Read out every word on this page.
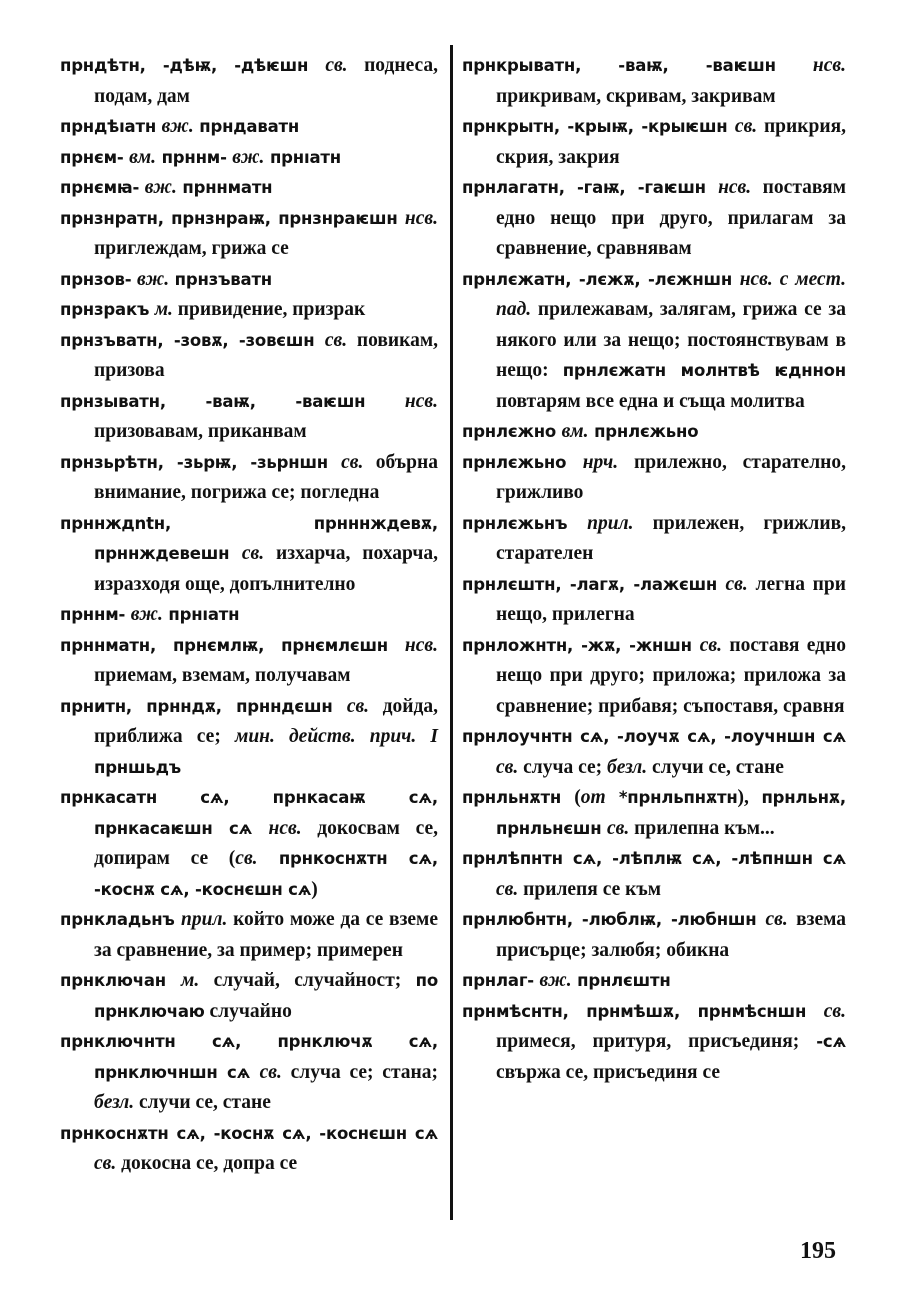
прндѣтн, -дѣѭ, -дѣѥшн св. поднеса, подам, дам

прндѣıатн вж. прндаватн

прнєм- вм. прннм- вж. прнıатн

прнємꙗ- вж. прннматн

прнзнратн, прнзнраѭ, прнзнраѥшн нсв. приглеждам, грижа се

прнзов- вж. прнзъватн

прнзракъ м. привидение, призрак

прнзъватн, -зовѫ, -зовєшн св. повикам, призова

прнзыватн, -ваѭ, -ваѥшн нсв. призовавам, приканвам

прнзьрѣтн, -зьрѭ, -зьрншн св. обърна внимание, погрижа се; погледна

прннждntн, прнннждевѫ, прннждевешн св. изхарча, похарча, изразходя още, допълнително

прннм- вж. прнıатн

прннматн, прнємлѭ, прнємлєшн нсв. приемам, вземам, получавам

прнитн, прнндѫ, прнндєшн св. дойда, приближа се; мин. действ. прич. I прншьдъ

прнкасатн сѧ, прнкасаѭ сѧ, прнкасаѥшн сѧ нсв. докосвам се, допирам се (св. прнкоснѫтн сѧ, -коснѫ сѧ, -коснєшн сѧ)

прнкладьнъ прил. който може да се вземе за сравнение, за пример; примерен

прнключан м. случай, случайност; по прнключаю случайно

прнключнтн сѧ, прнключѫ сѧ, прнключншн сѧ св. случа се; стана; безл. случи се, стане

прнкоснѫтн сѧ, -коснѫ сѧ, -коснєшн сѧ св. докосна се, допра се

прнкрыватн, -ваѭ, -ваѥшн нсв. прикривам, скривам, закривам

прнкрытн, -крыѭ, -крыѥшн св. прикрия, скрия, закрия

прнлагатн, -гаѭ, -гаѥшн нсв. поставям едно нещо при друго, прилагам за сравнение, сравнявам

прнлєжатн, -лєжѫ, -лєжншн нсв. с мест. пад. прилежавам, залягам, грижа се за някого или за нещо; постоянствувам в нещо: прнлєжатн молнтвѣ ѥдннон повтарям все една и съща молитва

прнлєжно вм. прнлєжьно

прнлєжьно нрч. прилежно, старателно, грижливо

прнлєжьнъ прил. прилежен, грижлив, старателен

прнлєштн, -лагѫ, -лажєшн св. легна при нещо, прилегна

прнложнтн, -жѫ, -жншн св. поставя едно нещо при друго; приложа; приложа за сравнение; прибавя; съпоставя, сравня

прнлоучнтн сѧ, -лоучѫ сѧ, -лоучншн сѧ св. случа се; безл. случи се, стане

прнльнѫтн (от *прнльпнѫтн), прнльнѫ, прнльнєшн св. прилепна към...

прнлѣпнтн сѧ, -лѣплѭ сѧ, -лѣпншн сѧ св. прилепя се към

прнлюбнтн, -люблѭ, -любншн св. взема присърце; залюбя; обикна

прнлаг- вж. прнлєштн

прнмѣснтн, прнмѣшѫ, прнмѣсншн св. примеся, притуря, присъединя; -сѧ свържа се, присъединя се

195
